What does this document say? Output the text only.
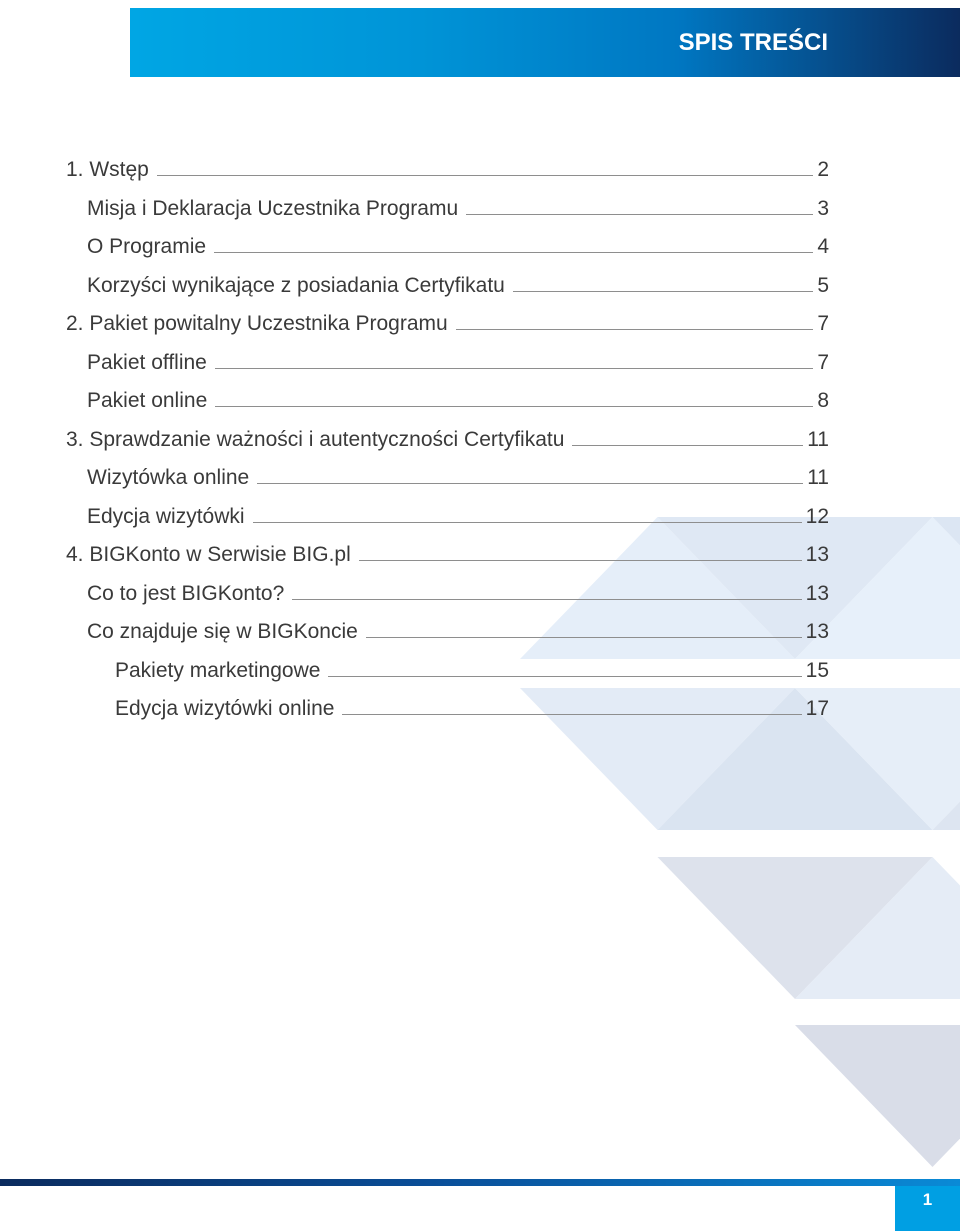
SPIS TREŚCI
1. Wstęp	2
Misja i Deklaracja Uczestnika Programu	3
O Programie	4
Korzyści wynikające z posiadania Certyfikatu	5
2. Pakiet powitalny Uczestnika Programu	7
Pakiet offline	7
Pakiet online	8
3. Sprawdzanie ważności i autentyczności Certyfikatu	11
Wizytówka online	11
Edycja wizytówki	12
4. BIGKonto w Serwisie BIG.pl	13
Co to jest BIGKonto?	13
Co znajduje się w BIGKoncie	13
Pakiety marketingowe	15
Edycja wizytówki online	17
1
